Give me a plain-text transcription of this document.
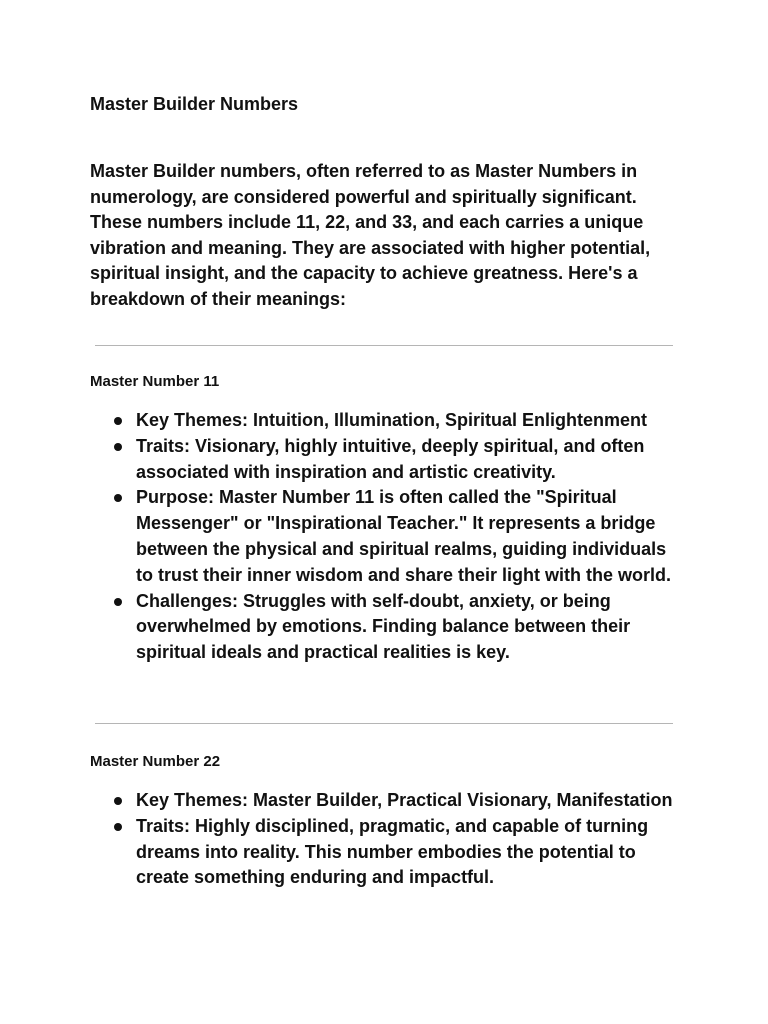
Master Builder Numbers

Master Builder numbers, often referred to as Master Numbers in numerology, are considered powerful and spiritually significant. These numbers include 11, 22, and 33, and each carries a unique vibration and meaning. They are associated with higher potential, spiritual insight, and the capacity to achieve greatness. Here's a breakdown of their meanings:

Master Number 11
Key Themes: Intuition, Illumination, Spiritual Enlightenment
Traits: Visionary, highly intuitive, deeply spiritual, and often associated with inspiration and artistic creativity.
Purpose: Master Number 11 is often called the "Spiritual Messenger" or "Inspirational Teacher." It represents a bridge between the physical and spiritual realms, guiding individuals to trust their inner wisdom and share their light with the world.
Challenges: Struggles with self-doubt, anxiety, or being overwhelmed by emotions. Finding balance between their spiritual ideals and practical realities is key.
Master Number 22
Key Themes: Master Builder, Practical Visionary, Manifestation
Traits: Highly disciplined, pragmatic, and capable of turning dreams into reality. This number embodies the potential to create something enduring and impactful.
